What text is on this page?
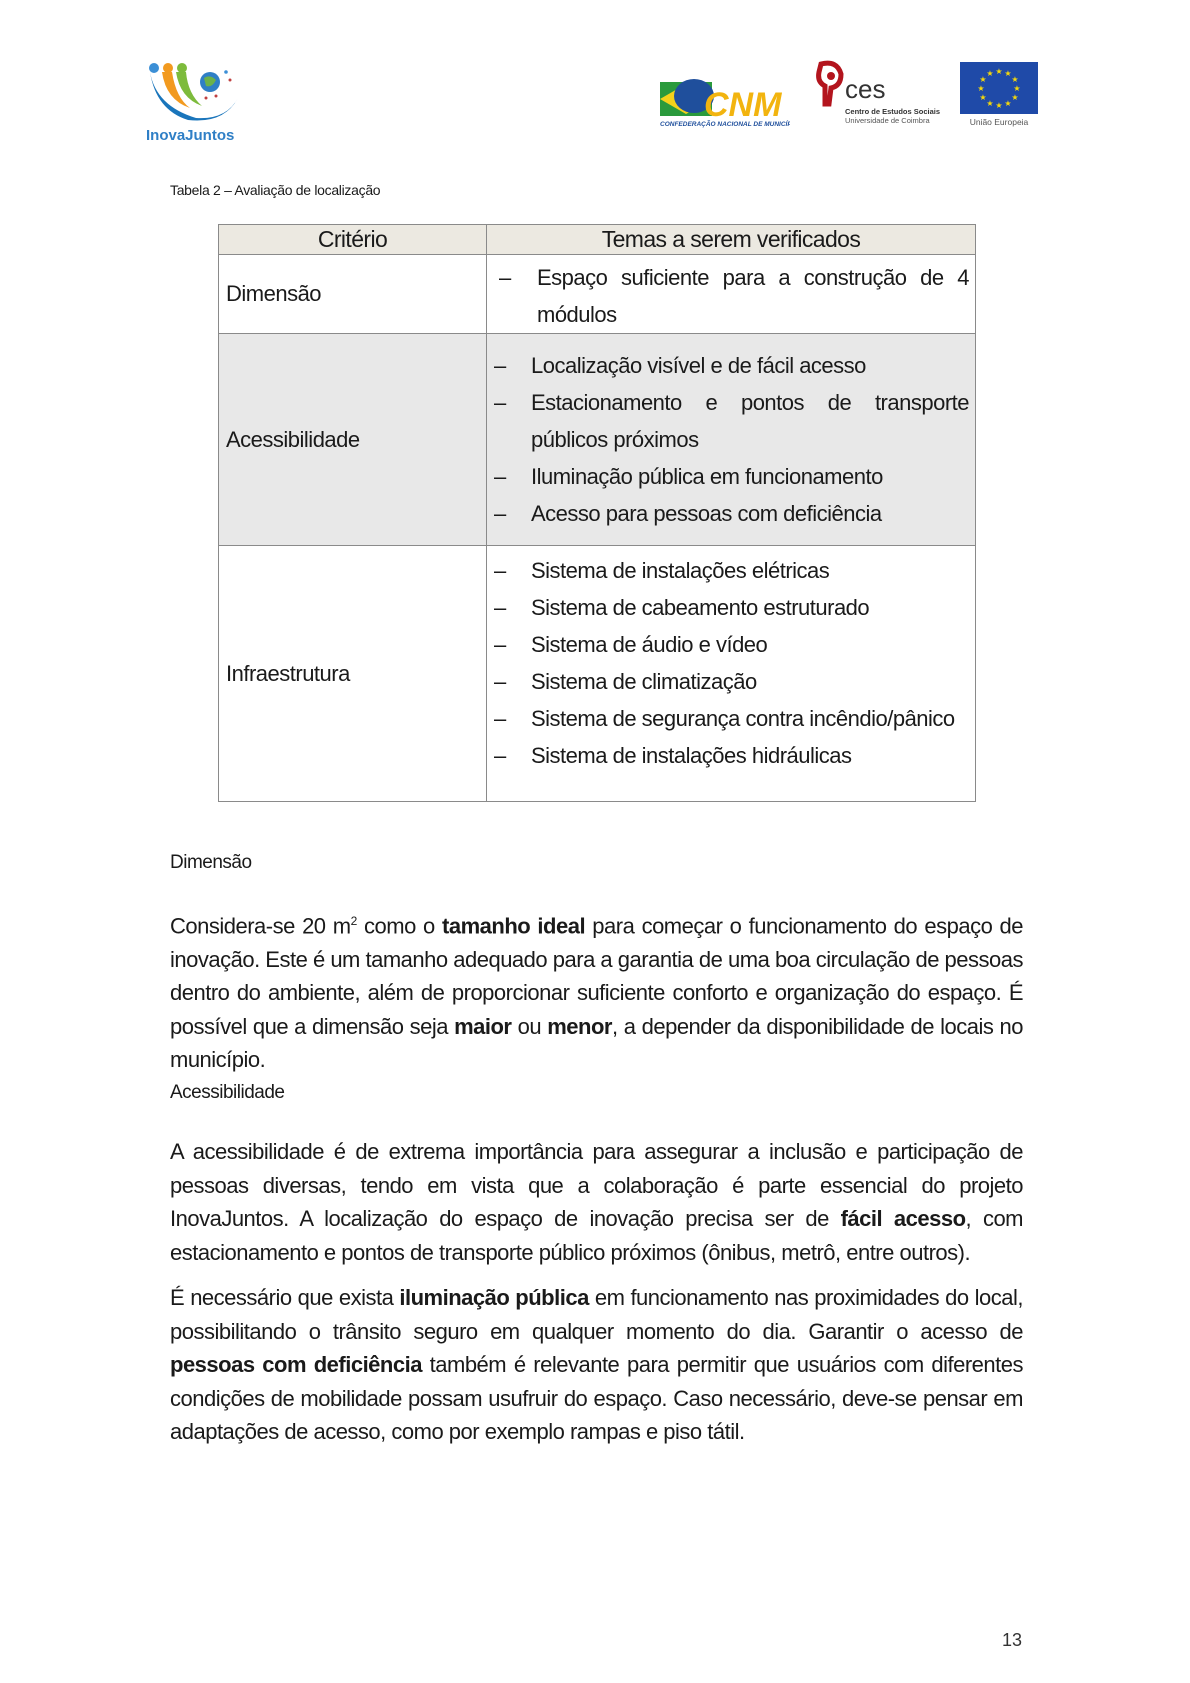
InovaJuntos
CNM
CONFEDERAÇÃO NACIONAL DE MUNICÍPIOS
ces
Centro de Estudos Sociais
Universidade de Coimbra
★ ★
★
★
★
★
★
★
★
★
★
★
União Europeia
Tabela 2 – Avaliação de localização
Critério	Temas a serem verificados
Dimensão	
– Espaço suficiente para a construção de 4 módulos

Acessibilidade	
– Localização visível e de fácil acesso
– Estacionamento e pontos de transporte públicos próximos
– Iluminação pública em funcionamento
– Acesso para pessoas com deficiência

Infraestrutura	
– Sistema de instalações elétricas
– Sistema de cabeamento estruturado
– Sistema de áudio e vídeo
– Sistema de climatização
– Sistema de segurança contra incêndio/pânico
– Sistema de instalações hidráulicas
Dimensão

Considera-se 20 $m^2$ como o tamanho ideal para começar o funcionamento do espaço de inovação. Este é um tamanho adequado para a garantia de uma boa circulação de pessoas dentro do ambiente, além de proporcionar suficiente conforto e organização do espaço. É possível que a dimensão seja maior ou menor, a depender da disponibilidade de locais no município.

Acessibilidade

A acessibilidade é de extrema importância para assegurar a inclusão e participação de pessoas diversas, tendo em vista que a colaboração é parte essencial do projeto InovaJuntos. A localização do espaço de inovação precisa ser de fácil acesso, com estacionamento e pontos de transporte público próximos (ônibus, metrô, entre outros).

É necessário que exista iluminação pública em funcionamento nas proximidades do local, possibilitando o trânsito seguro em qualquer momento do dia. Garantir o acesso de pessoas com deficiência também é relevante para permitir que usuários com diferentes condições de mobilidade possam usufruir do espaço. Caso necessário, deve-se pensar em adaptações de acesso, como por exemplo rampas e piso tátil.

13
